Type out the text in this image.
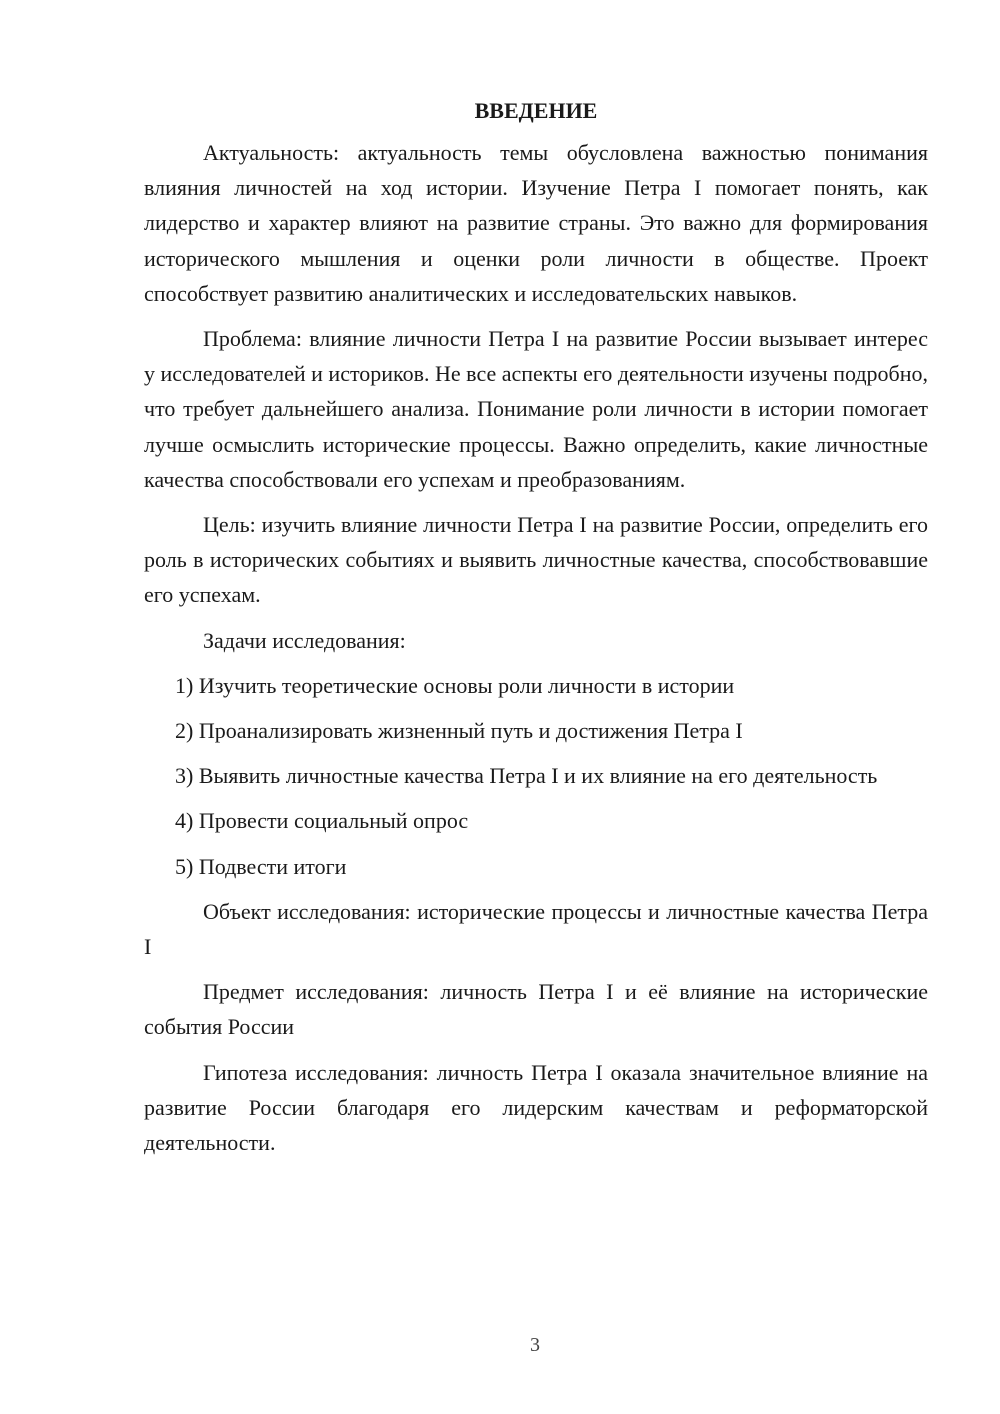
ВВЕДЕНИЕ

Актуальность: актуальность темы обусловлена важностью понимания влияния личностей на ход истории. Изучение Петра I помогает понять, как лидерство и характер влияют на развитие страны. Это важно для формирования исторического мышления и оценки роли личности в обществе. Проект способствует развитию аналитических и исследовательских навыков.

Проблема: влияние личности Петра I на развитие России вызывает интерес у исследователей и историков. Не все аспекты его деятельности изучены подробно, что требует дальнейшего анализа. Понимание роли личности в истории помогает лучше осмыслить исторические процессы. Важно определить, какие личностные качества способствовали его успехам и преобразованиям.

Цель: изучить влияние личности Петра I на развитие России, определить его роль в исторических событиях и выявить личностные качества, способствовавшие его успехам.

Задачи исследования:

1) Изучить теоретические основы роли личности в истории

2) Проанализировать жизненный путь и достижения Петра I

3) Выявить личностные качества Петра I и их влияние на его деятельность

4) Провести социальный опрос

5) Подвести итоги

Объект исследования: исторические процессы и личностные качества Петра I

Предмет исследования: личность Петра I и её влияние на исторические события России

Гипотеза исследования: личность Петра I оказала значительное влияние на развитие России благодаря его лидерским качествам и реформаторской деятельности.

3
